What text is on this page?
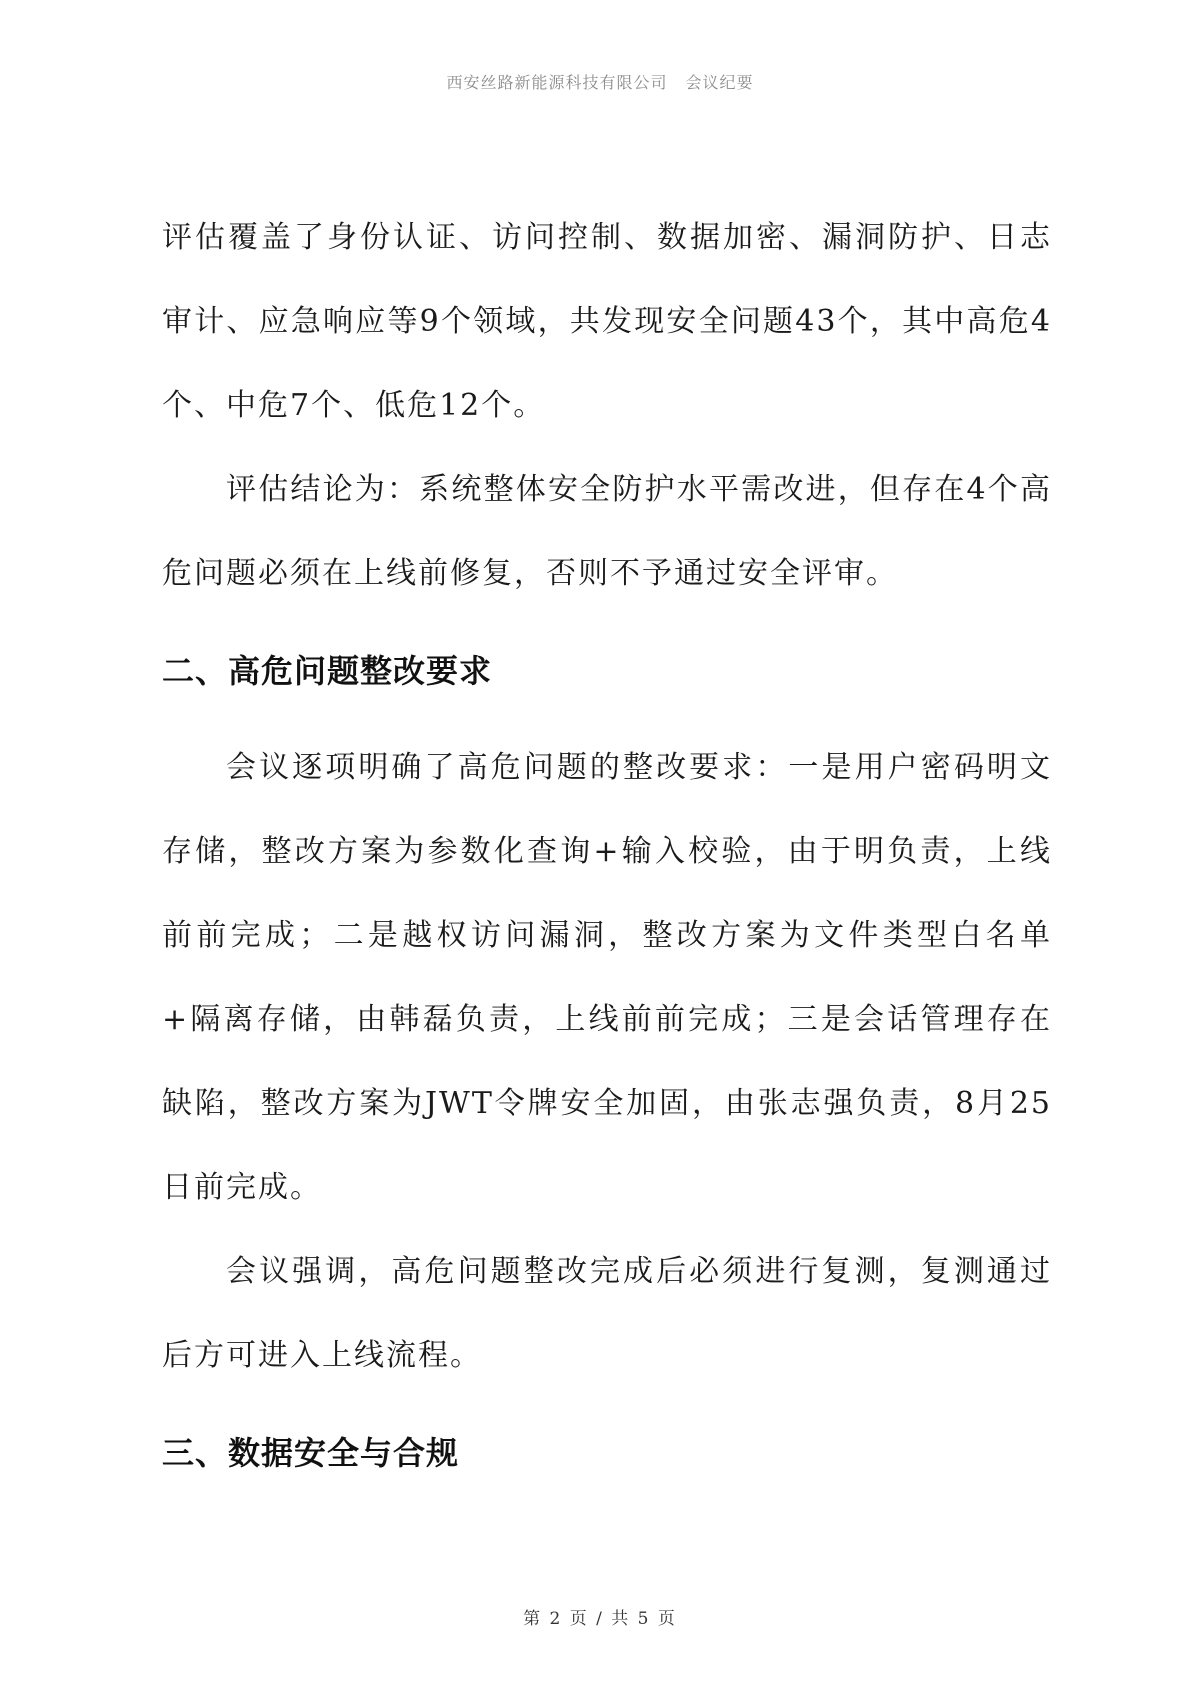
西安丝路新能源科技有限公司 会议纪要

评估覆盖了身份认证、访问控制、数据加密、漏洞防护、日志审计、应急响应等9个领域，共发现安全问题43个，其中高危4个、中危7个、低危12个。

评估结论为：系统整体安全防护水平需改进，但存在4个高危问题必须在上线前修复，否则不予通过安全评审。

二、高危问题整改要求

会议逐项明确了高危问题的整改要求：一是用户密码明文存储，整改方案为参数化查询+输入校验，由于明负责，上线前前完成；二是越权访问漏洞，整改方案为文件类型白名单+隔离存储，由韩磊负责，上线前前完成；三是会话管理存在缺陷，整改方案为JWT令牌安全加固，由张志强负责，8月25日前完成。

会议强调，高危问题整改完成后必须进行复测，复测通过后方可进入上线流程。

三、数据安全与合规
第 2 页 / 共 5 页
